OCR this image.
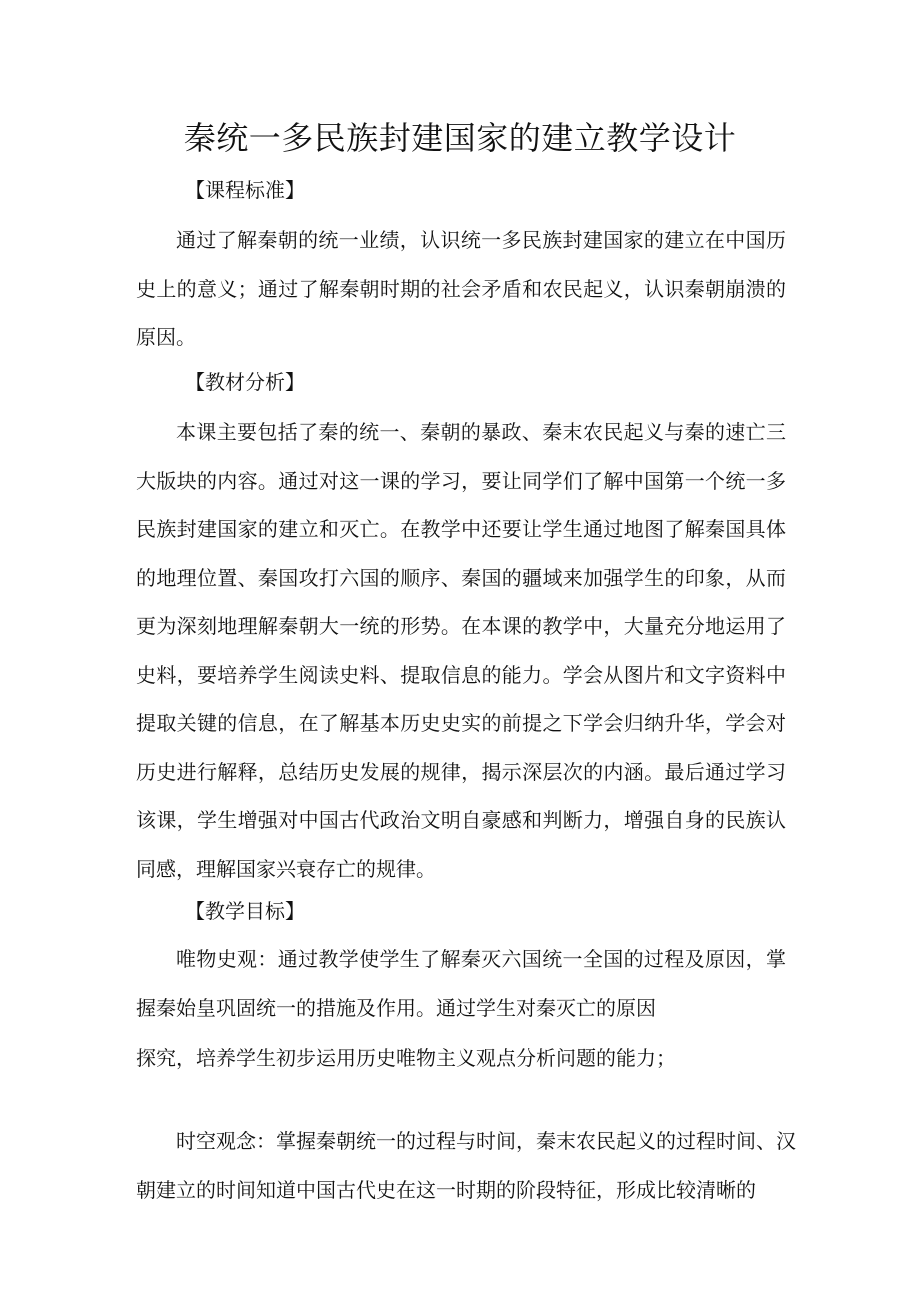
秦统一多民族封建国家的建立教学设计
【课程标准】

通过了解秦朝的统一业绩，认识统一多民族封建国家的建立在中国历史上的意义；通过了解秦朝时期的社会矛盾和农民起义，认识秦朝崩溃的原因。

【教材分析】

本课主要包括了秦的统一、秦朝的暴政、秦末农民起义与秦的速亡三大版块的内容。通过对这一课的学习，要让同学们了解中国第一个统一多民族封建国家的建立和灭亡。在教学中还要让学生通过地图了解秦国具体的地理位置、秦国攻打六国的顺序、秦国的疆域来加强学生的印象，从而更为深刻地理解秦朝大一统的形势。在本课的教学中，大量充分地运用了史料，要培养学生阅读史料、提取信息的能力。学会从图片和文字资料中提取关键的信息，在了解基本历史史实的前提之下学会归纳升华，学会对历史进行解释，总结历史发展的规律，揭示深层次的内涵。最后通过学习该课，学生增强对中国古代政治文明自豪感和判断力，增强自身的民族认同感，理解国家兴衰存亡的规律。

【教学目标】

唯物史观：通过教学使学生了解秦灭六国统一全国的过程及原因，掌握秦始皇巩固统一的措施及作用。通过学生对秦灭亡的原因

探究，培养学生初步运用历史唯物主义观点分析问题的能力；

时空观念：掌握秦朝统一的过程与时间，秦末农民起义的过程时间、汉朝建立的时间知道中国古代史在这一时期的阶段特征，形成比较清晰的
